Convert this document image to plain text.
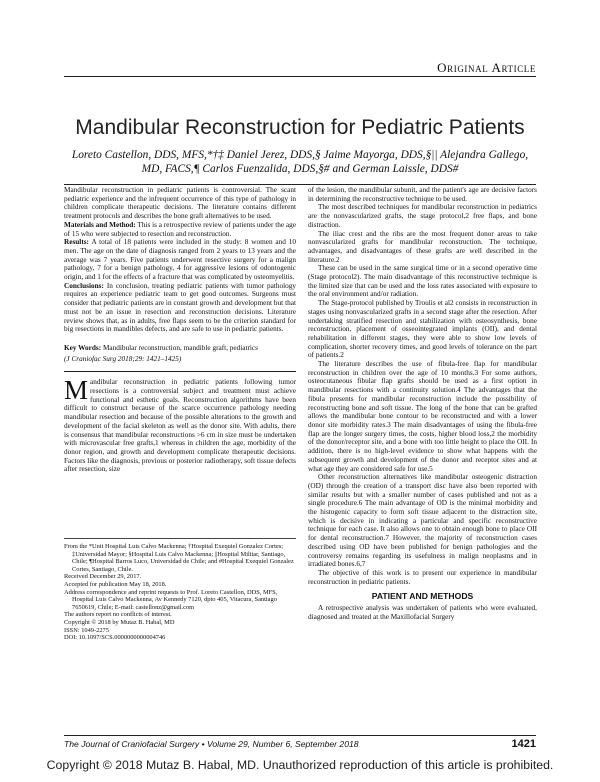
Original Article
Mandibular Reconstruction for Pediatric Patients
Loreto Castellon, DDS, MFS,*†‡ Daniel Jerez, DDS,§ Jaime Mayorga, DDS,§|| Alejandra Gallego, MD, FACS,¶ Carlos Fuenzalida, DDS,§# and German Laissle, DDS#

Mandibular reconstruction in pediatric patients is controversial. The scant pediatric experience and the infrequent occurrence of this type of pathology in children complicate therapeutic decisions. The literature contains different treatment protocols and describes the bone graft alternatives to be used.

Materials and Method: This is a retrospective review of patients under the age of 15 who were subjected to resection and reconstruction.

Results: A total of 18 patients were included in the study: 8 women and 10 men. The age on the date of diagnosis ranged from 2 years to 13 years and the average was 7 years. Five patients underwent resective surgery for a malign pathology, 7 for a benign pathology, 4 for aggressive lesions of odontogenic origin, and 1 for the effects of a fracture that was complicated by osteomyelitis.

Conclusions: In conclusion, treating pediatric patients with tumor pathology requires an experience pediatric team to get good outcomes. Surgeons must consider that pediatric patients are in constant growth and development but that must not be an issue in resection and reconstruction decisions. Literature review shows that, as in adults, free flaps seem to be the criterion standard for big resections in mandibles defects, and are safe to use in pediatric patients.

Key Words: Mandibular reconstruction, mandible graft, pediatrics

(J Craniofac Surg 2018;29: 1421–1425)

Mandibular reconstruction in pediatric patients following tumor resections is a controversial subject and treatment must achieve functional and esthetic goals. Reconstruction algorithms have been difficult to construct because of the scarce occurrence pathology needing mandibular resection and because of the possible alterations to the growth and development of the facial skeleton as well as the donor site. With adults, there is consensus that mandibular reconstructions >6 cm in size must be undertaken with microvascular free grafts,1 whereas in children the age, morbidity of the donor region, and growth and development complicate therapeutic decisions. Factors like the diagnosis, previous or posterior radiotherapy, soft tissue defects after resection, size

From the *Unit Hospital Luis Calvo Mackenna; †Hospital Exequiel Gonzalez Cortes; ‡Universidad Mayor; §Hospital Luis Calvo Mackenna; ||Hospital Militar, Santiago, Chile; ¶Hospital Barros Luco, Universidad de Chile; and #Hospital Exequiel Gonzalez Cortes, Santiago, Chile.

Received December 29, 2017.

Accepted for publication May 18, 2018.

Address correspondence and reprint requests to Prof. Loreto Castellon, DDS, MFS, Hospital Luis Calvo Mackenna, Av Kennedy 7120, dpto 405, Vitacura, Santiago 7650619, Chile; E-mail: castellonz@gmail.com

The authors report no conflicts of interest.

Copyright © 2018 by Mutaz B. Habal, MD

ISSN: 1049-2275

DOI: 10.1097/SCS.0000000000004746

of the lesion, the mandibular subunit, and the patient's age are decisive factors in determining the reconstructive technique to be used.

The most described techniques for mandibular reconstruction in pediatrics are the nonvascularized grafts, the stage protocol,2 free flaps, and bone distraction.

The iliac crest and the ribs are the most frequent donor areas to take nonvascularized grafts for mandibular reconstruction. The technique, advantages, and disadvantages of these grafts are well described in the literature.2

These can be used in the same surgical time or in a second operative time (Stage protocol2). The main disadvantage of this reconstructive technique is the limited size that can be used and the loss rates associated with exposure to the oral environment and/or radiation.

The Stage-protocol published by Troulis et al2 consists in reconstruction in stages using nonvascularized grafts in a second stage after the resection. After undertaking stratified resection and stabilization with osteosynthesis, bone reconstruction, placement of osseointegrated implants (OII), and dental rehabilitation in different stages, they were able to show low levels of complication, shorter recovery times, and good levels of tolerance on the part of patients.2

The literature describes the use of fibula-free flap for mandibular reconstruction in children over the age of 10 months.3 For some authors, osteocutaneous fibular flap grafts should be used as a first option in mandibular resections with a continuity solution.4 The advantages that the fibula presents for mandibular reconstruction include the possibility of reconstructing bone and soft tissue. The long of the bone that can be grafted allows the mandibular bone contour to be reconstructed and with a lower donor site morbidity rates.3 The main disadvantages of using the fibula-free flap are the longer surgery times, the costs, higher blood loss,2 the morbidity of the donor/receptor site, and a bone with too little height to place the OII. In addition, there is no high-level evidence to show what happens with the subsequent growth and development of the donor and receptor sites and at what age they are considered safe for use.5

Other reconstruction alternatives like mandibular osteogenic distraction (OD) through the creation of a transport disc have also been reported with similar results but with a smaller number of cases published and not as a single procedure.6 The main advantage of OD is the minimal morbidity and the histogenic capacity to form soft tissue adjacent to the distraction site, which is decisive in indicating a particular and specific reconstructive technique for each case. It also allows one to obtain enough bone to place OII for dental reconstruction.7 However, the majority of reconstruction cases described using OD have been published for benign pathologies and the controversy remains regarding its usefulness in malign neoplasms and in irradiated bones.6,7

The objective of this work is to present our experience in mandibular reconstruction in pediatric patients.

PATIENT AND METHODS

A retrospective analysis was undertaken of patients who were evaluated, diagnosed and treated at the Maxillofacial Surgery

The Journal of Craniofacial Surgery • Volume 29, Number 6, September 2018	1421
Copyright © 2018 Mutaz B. Habal, MD. Unauthorized reproduction of this article is prohibited.
